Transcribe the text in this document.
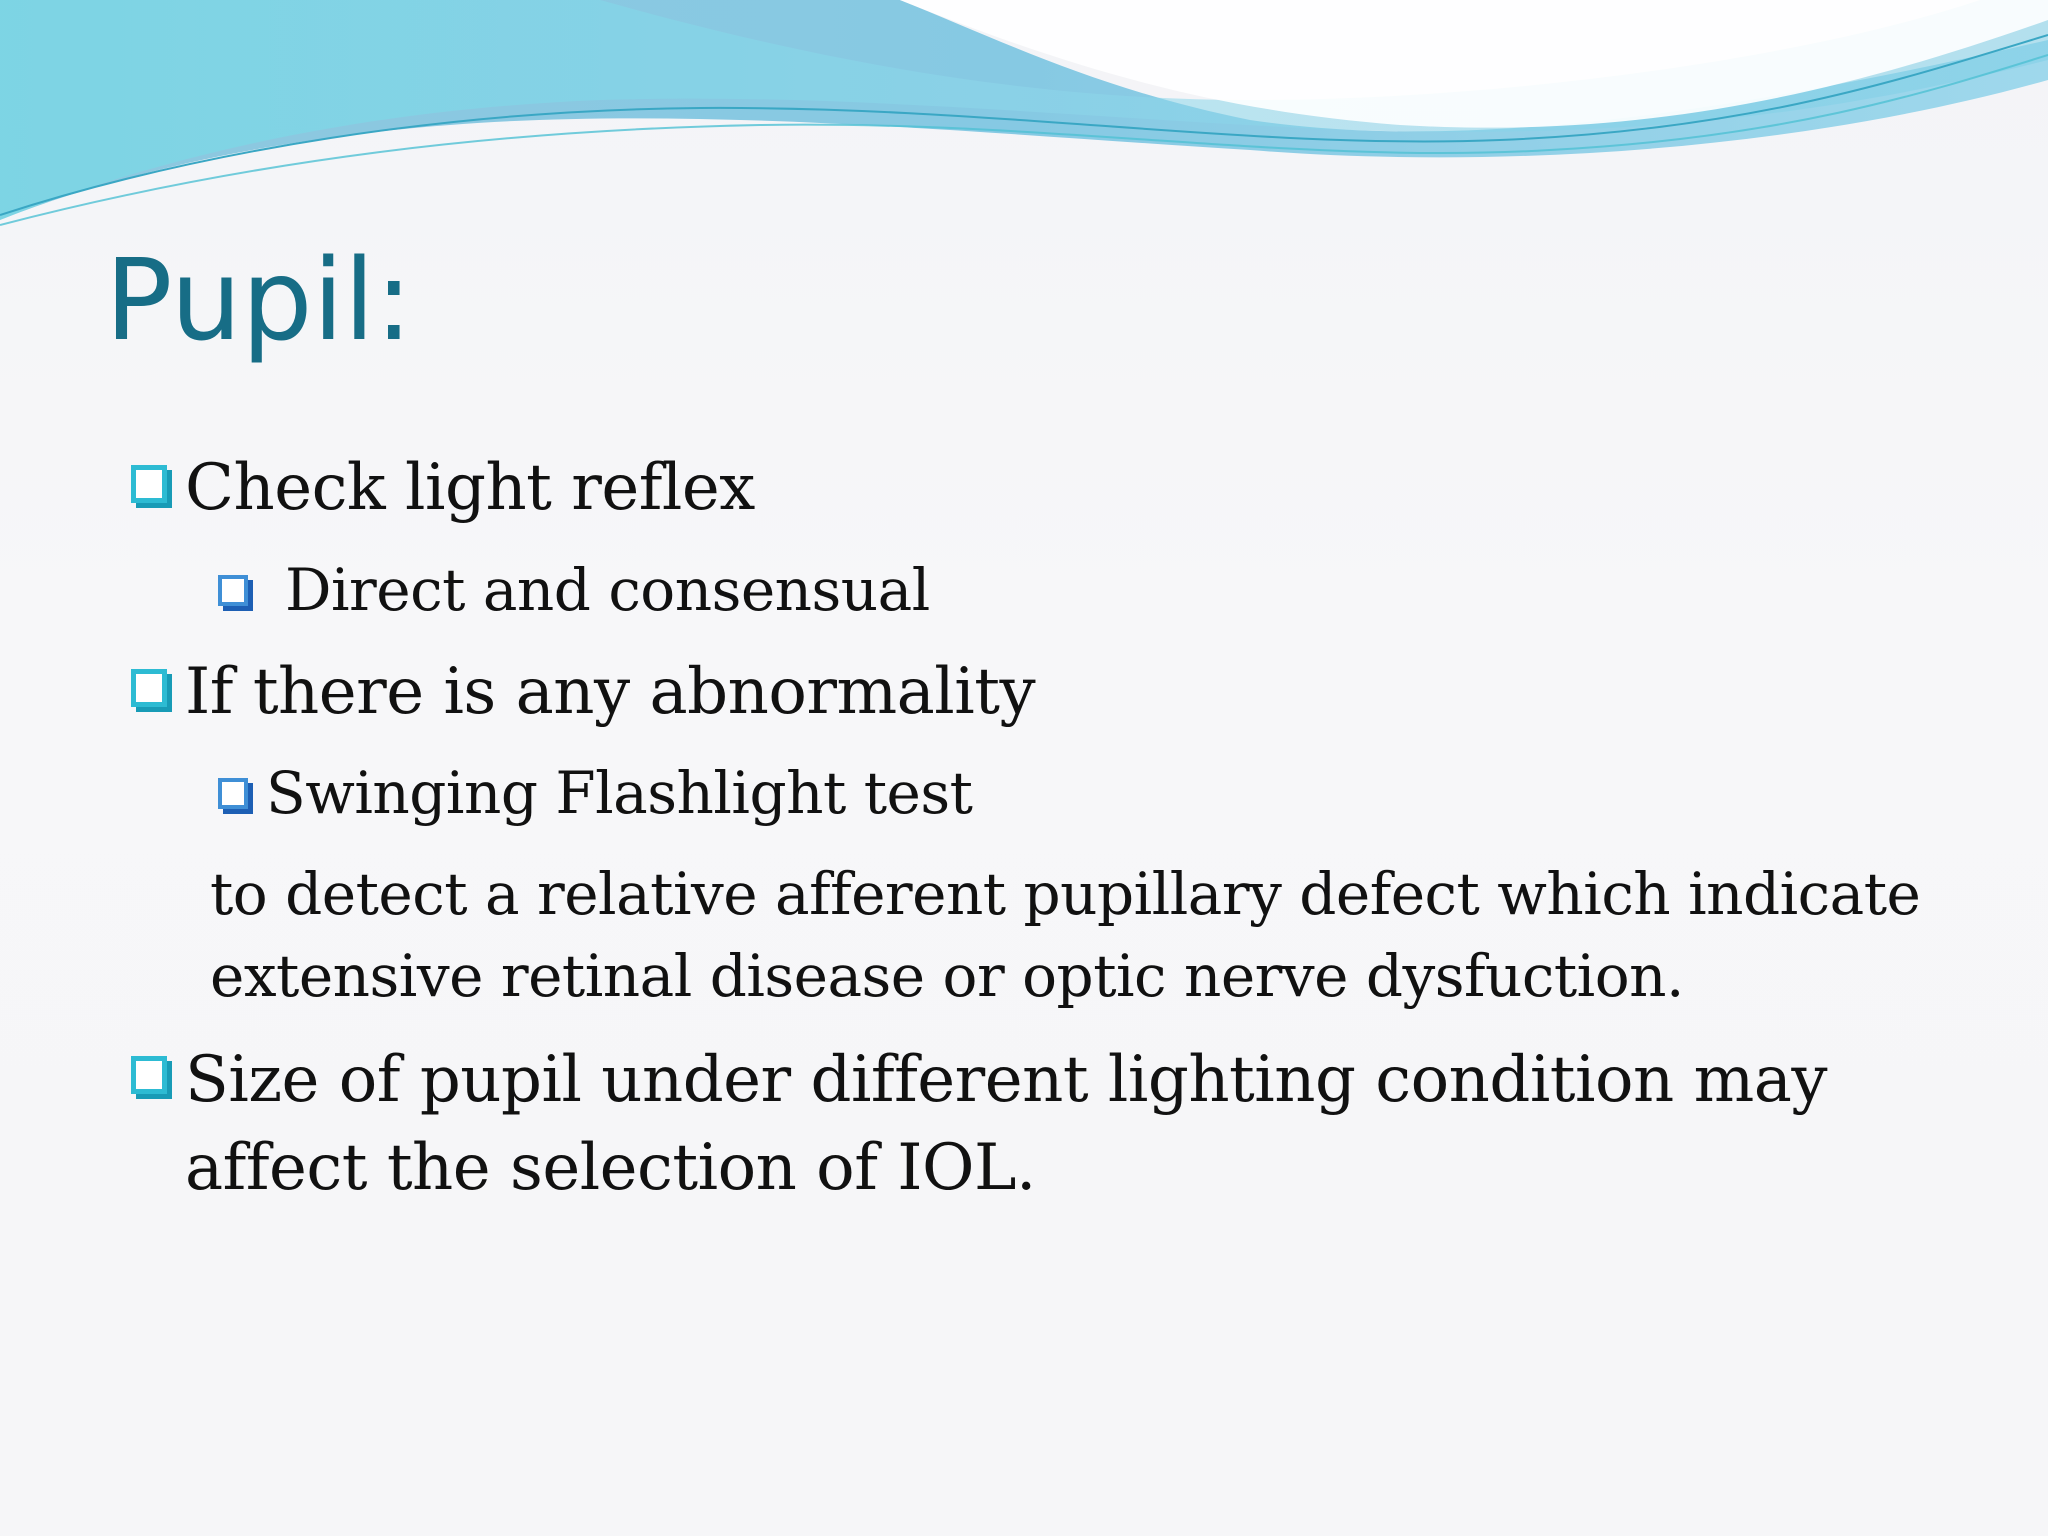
Pupil:
Check light reflex
Direct and consensual
If there is any abnormality
Swinging Flashlight test
to detect a relative afferent pupillary defect which indicate
extensive retinal disease or optic nerve dysfuction.
Size of pupil under different lighting condition may
affect the selection of IOL.
